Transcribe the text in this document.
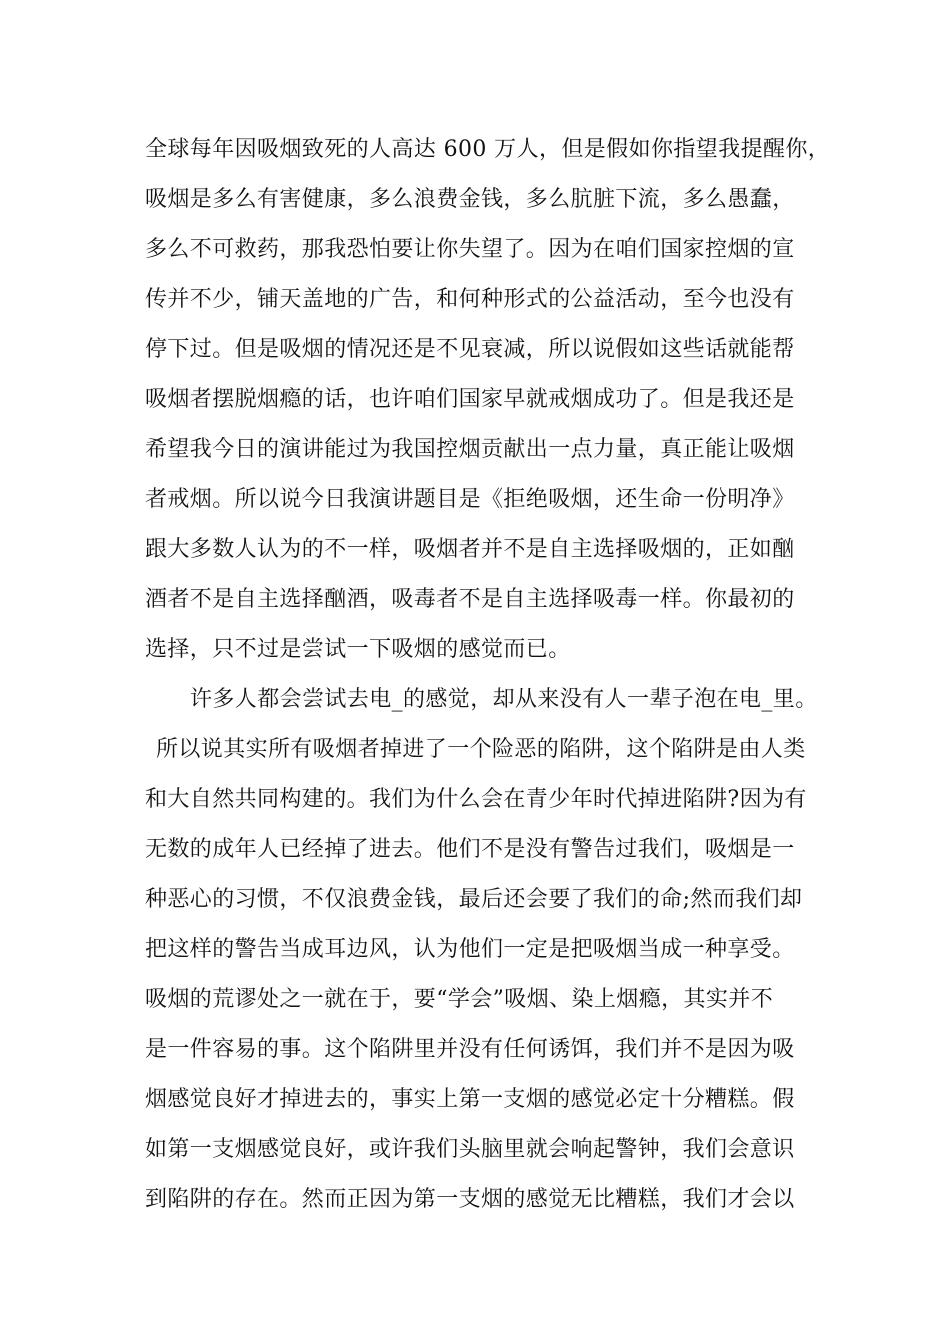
全球每年因吸烟致死的人高达 600 万人，但是假如你指望我提醒你，
吸烟是多么有害健康，多么浪费金钱，多么肮脏下流，多么愚蠢，
多么不可救药，那我恐怕要让你失望了。因为在咱们国家控烟的宣
传并不少，铺天盖地的广告，和何种形式的公益活动，至今也没有
停下过。但是吸烟的情况还是不见衰减，所以说假如这些话就能帮
吸烟者摆脱烟瘾的话，也许咱们国家早就戒烟成功了。但是我还是
希望我今日的演讲能过为我国控烟贡献出一点力量，真正能让吸烟
者戒烟。所以说今日我演讲题目是《拒绝吸烟，还生命一份明净》
跟大多数人认为的不一样，吸烟者并不是自主选择吸烟的，正如酗
酒者不是自主选择酗酒，吸毒者不是自主选择吸毒一样。你最初的
选择，只不过是尝试一下吸烟的感觉而已。
许多人都会尝试去电_的感觉，却从来没有人一辈子泡在电_里。
所以说其实所有吸烟者掉进了一个险恶的陷阱，这个陷阱是由人类
和大自然共同构建的。我们为什么会在青少年时代掉进陷阱?因为有
无数的成年人已经掉了进去。他们不是没有警告过我们，吸烟是一
种恶心的习惯，不仅浪费金钱，最后还会要了我们的命;然而我们却
把这样的警告当成耳边风，认为他们一定是把吸烟当成一种享受。
吸烟的荒谬处之一就在于，要“学会”吸烟、染上烟瘾，其实并不
是一件容易的事。这个陷阱里并没有任何诱饵，我们并不是因为吸
烟感觉良好才掉进去的，事实上第一支烟的感觉必定十分糟糕。假
如第一支烟感觉良好，或许我们头脑里就会响起警钟，我们会意识
到陷阱的存在。然而正因为第一支烟的感觉无比糟糕，我们才会以
